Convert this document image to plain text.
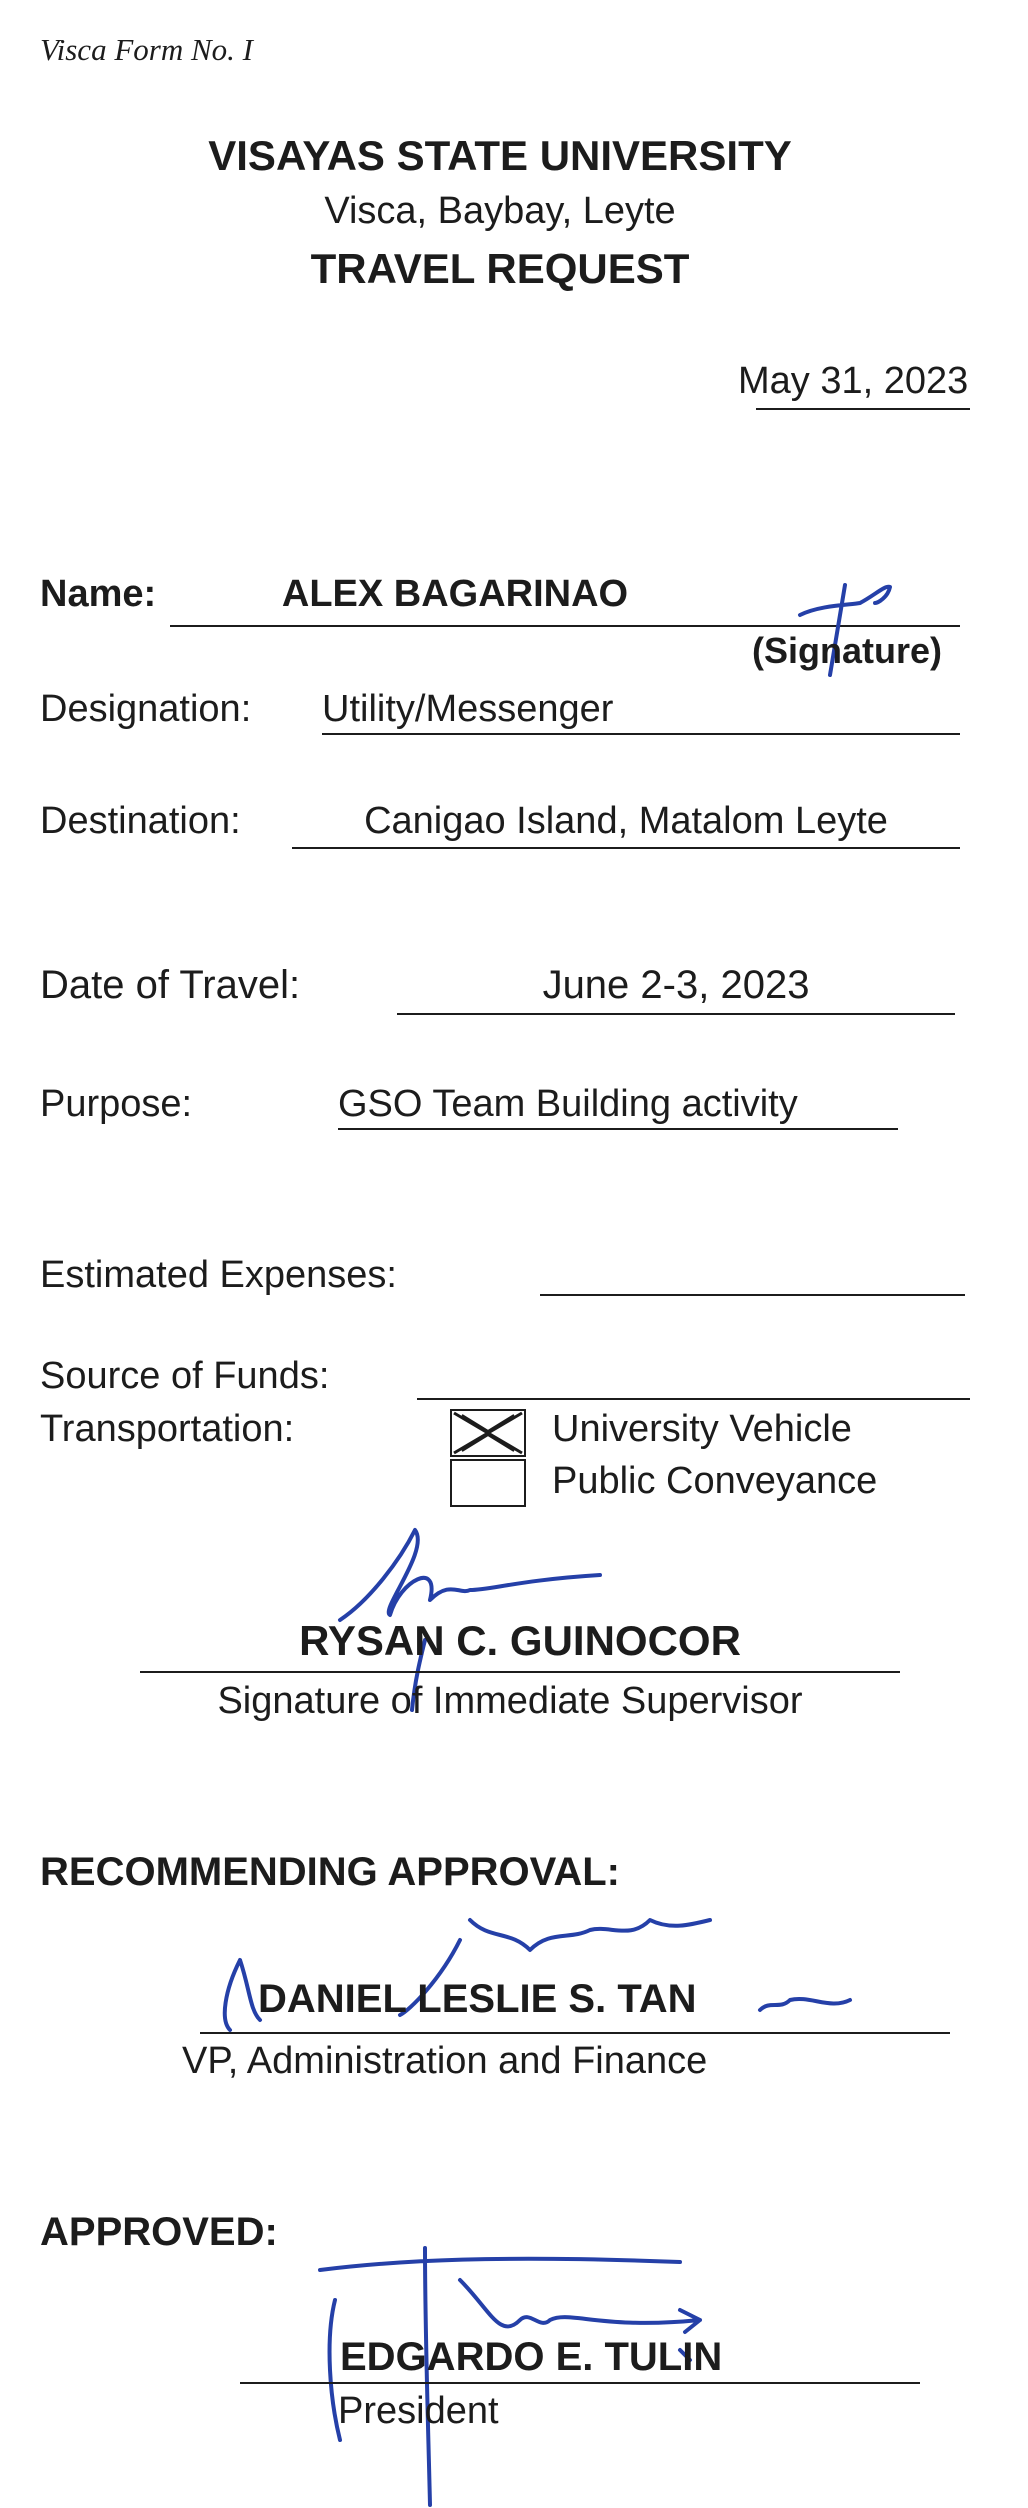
Visca Form No. I
VISAYAS STATE UNIVERSITY
Visca, Baybay, Leyte
TRAVEL REQUEST
May 31, 2023
Name:	ALEX BAGARINAO
(Signature)
Designation: Utility/Messenger
Destination:	Canigao Island, Matalom Leyte
Date of Travel:	June 2-3, 2023
Purpose:	GSO Team Building activity
Estimated Expenses:
Source of Funds:
Transportation:	University Vehicle
Public Conveyance
RYSAN C. GUINOCOR
Signature of Immediate Supervisor
RECOMMENDING APPROVAL:
DANIEL LESLIE S. TAN
VP, Administration and Finance
APPROVED:
EDGARDO E. TULIN
President
